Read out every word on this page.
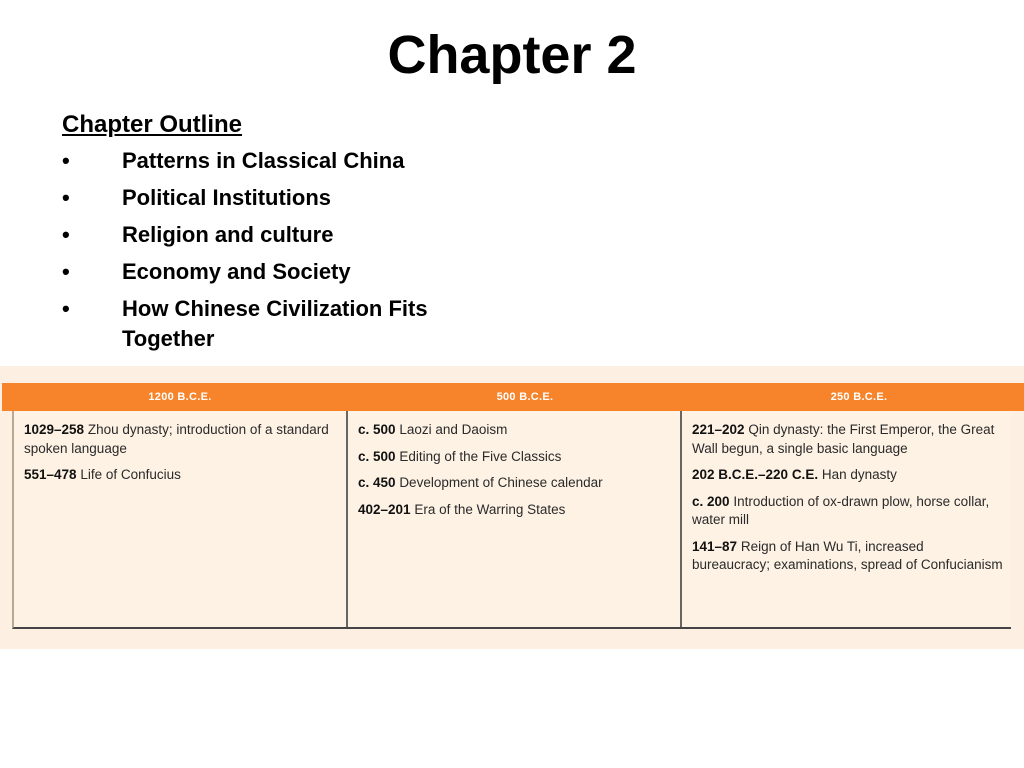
Chapter 2
Chapter Outline
• Patterns in Classical China
• Political Institutions
• Religion and culture
• Economy and Society
• How Chinese Civilization Fits Together
1200 B.C.E.	500 B.C.E.	250 B.C.E.
1029–258 Zhou dynasty; introduction of a standard spoken language
551–478 Life of Confucius
c. 500 Laozi and Daoism
c. 500 Editing of the Five Classics
c. 450 Development of Chinese calendar
402–201 Era of the Warring States
221–202 Qin dynasty: the First Emperor, the Great Wall begun, a single basic language
202 B.C.E.–220 C.E. Han dynasty
c. 200 Introduction of ox-drawn plow, horse collar, water mill
141–87 Reign of Han Wu Ti, increased bureaucracy; examinations, spread of Confucianism
